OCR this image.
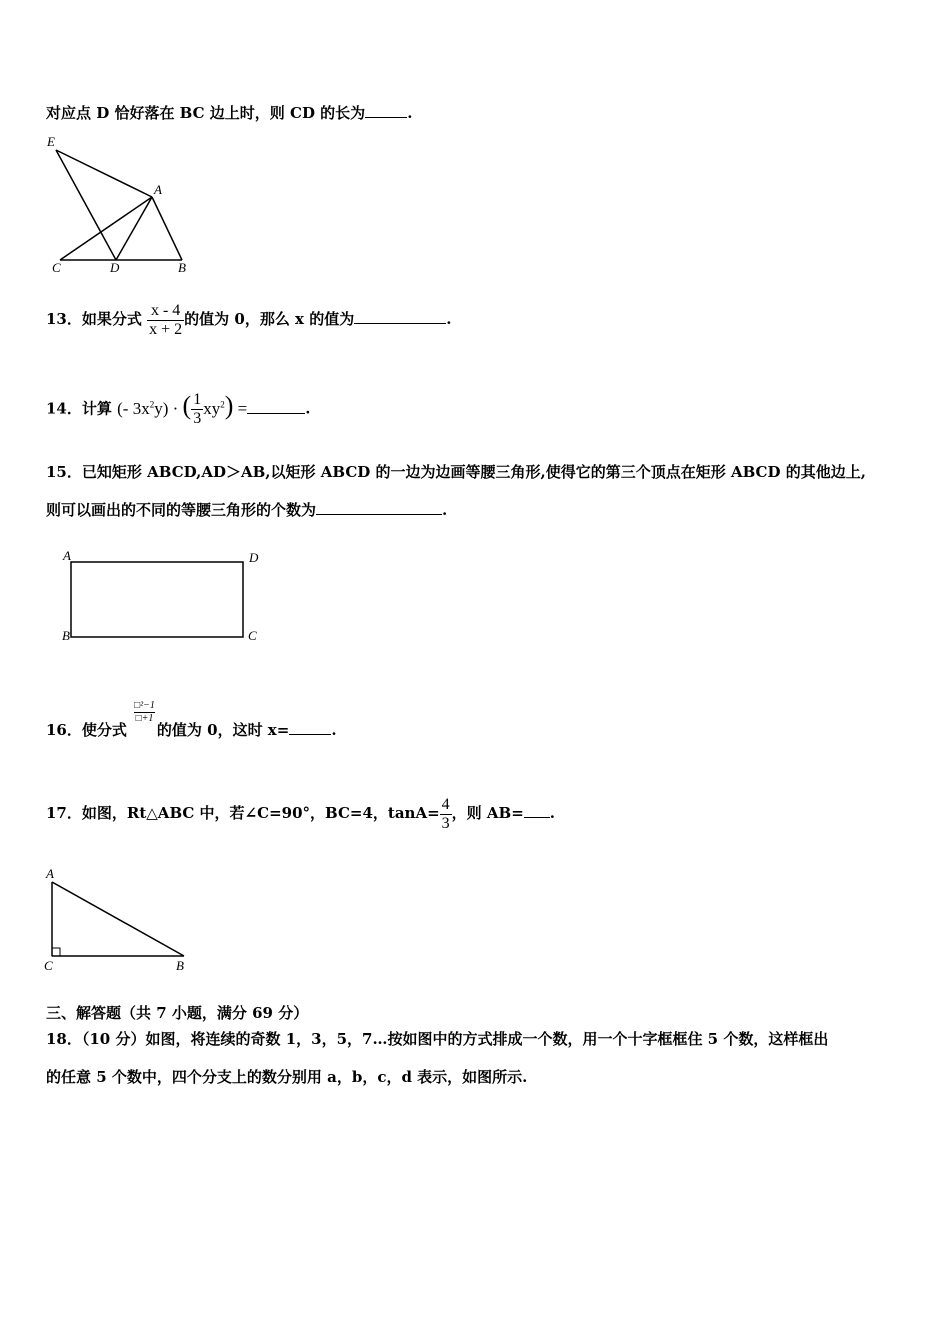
对应点 D 恰好落在 BC 边上时，则 CD 的长为	.
E
A
C	D	B
13．如果分式 $\frac{x - 4}{x + 2}$ 的值为 0，那么 x 的值为	.
14．计算 (- $3x^2y$) · ( $\frac{1}{3} xy^2$) =	.
15．已知矩形 ABCD,AD＞AB,以矩形 ABCD 的一边为边画等腰三角形,使得它的第三个顶点在矩形 ABCD 的其他边上,
则可以画出的不同的等腰三角形的个数为	.
A	D
B	C
16．使分式
$\frac{\text{□²−1}}{□+1}$
的值为 0，这时 x=	.
17．如图，Rt△ABC 中，若∠C=90°，BC=4，$\tan A= \frac{4}{3}$ ，则 AB= .
A
C	B
三、解答题（共 7 小题，满分 69 分）
18．（10 分）如图，将连续的奇数 1，3，5，7…按如图中的方式排成一个数，用一个十字框框住 5 个数，这样框出
的任意 5 个数中，四个分支上的数分别用 a，b，c，d 表示，如图所示.
